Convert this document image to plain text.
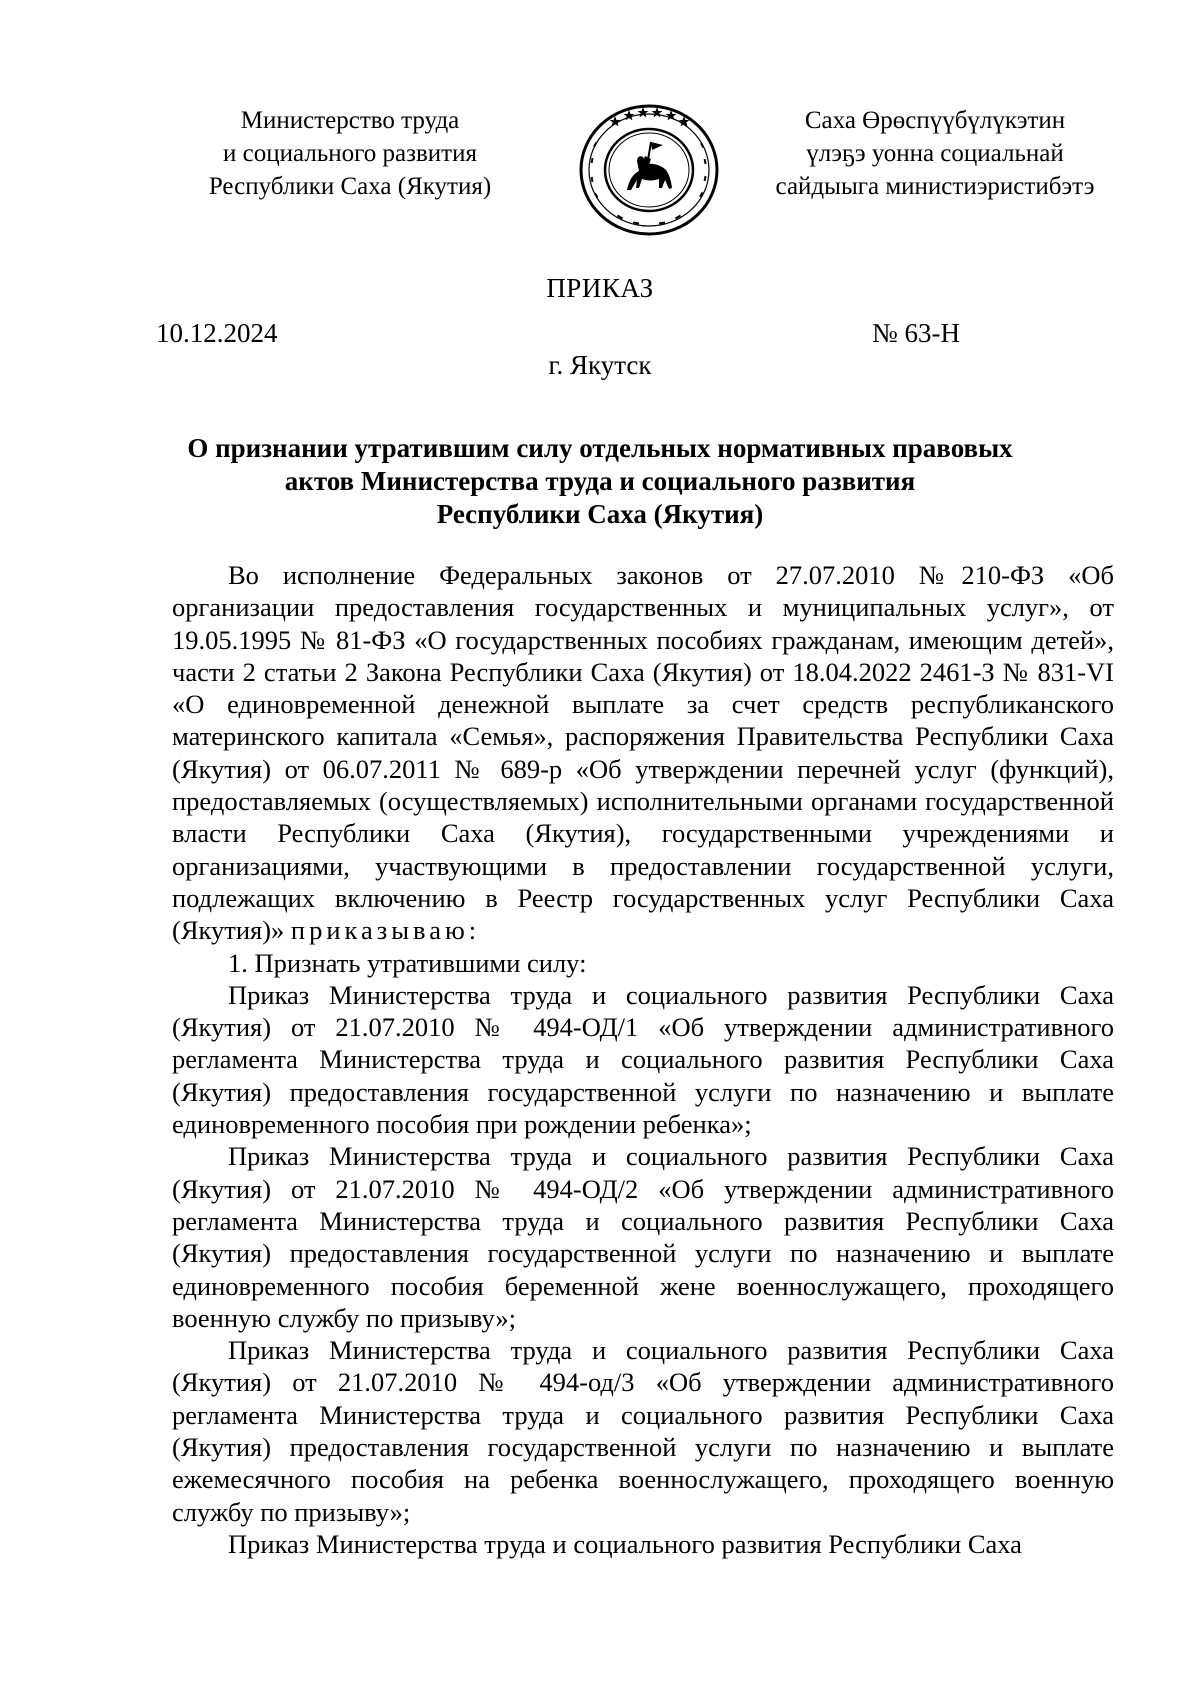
Министерство труда
и социального развития
Республики Саха (Якутия)
Саха Өрөспүүбүлүкэтин
үлэҕэ уонна социальнай
сайдыыга министиэристибэтэ
ПРИКАЗ
10.12.2024	№ 63-Н
г. Якутск
О признании утратившим силу отдельных нормативных правовых
актов Министерства труда и социального развития
Республики Саха (Якутия)

Во исполнение Федеральных законов от 27.07.2010 №210-ФЗ «Об организации предоставления государственных и муниципальных услуг», от 19.05.1995 № 81-ФЗ «О государственных пособиях гражданам, имеющим детей», части 2 статьи 2 Закона Республики Саха (Якутия) от 18.04.2022 2461-З № 831-VI «О единовременной денежной выплате за счет средств республиканского материнского капитала «Семья», распоряжения Правительства Республики Саха (Якутия) от 06.07.2011 № 689-р «Об утверждении перечней услуг (функций), предоставляемых (осуществляемых) исполнительными органами государственной власти Республики Саха (Якутия), государственными учреждениями и организациями, участвующими в предоставлении государственной услуги, подлежащих включению в Реестр государственных услуг Республики Саха (Якутия)» приказываю:

1. Признать утратившими силу:

Приказ Министерства труда и социального развития Республики Саха (Якутия) от 21.07.2010 № 494-ОД/1 «Об утверждении административного регламента Министерства труда и социального развития Республики Саха (Якутия) предоставления государственной услуги по назначению и выплате единовременного пособия при рождении ребенка»;

Приказ Министерства труда и социального развития Республики Саха (Якутия) от 21.07.2010 № 494-ОД/2 «Об утверждении административного регламента Министерства труда и социального развития Республики Саха (Якутия) предоставления государственной услуги по назначению и выплате единовременного пособия беременной жене военнослужащего, проходящего военную службу по призыву»;

Приказ Министерства труда и социального развития Республики Саха (Якутия) от 21.07.2010 № 494-од/3 «Об утверждении административного регламента Министерства труда и социального развития Республики Саха (Якутия) предоставления государственной услуги по назначению и выплате ежемесячного пособия на ребенка военнослужащего, проходящего военную службу по призыву»;

Приказ Министерства труда и социального развития Республики Саха
